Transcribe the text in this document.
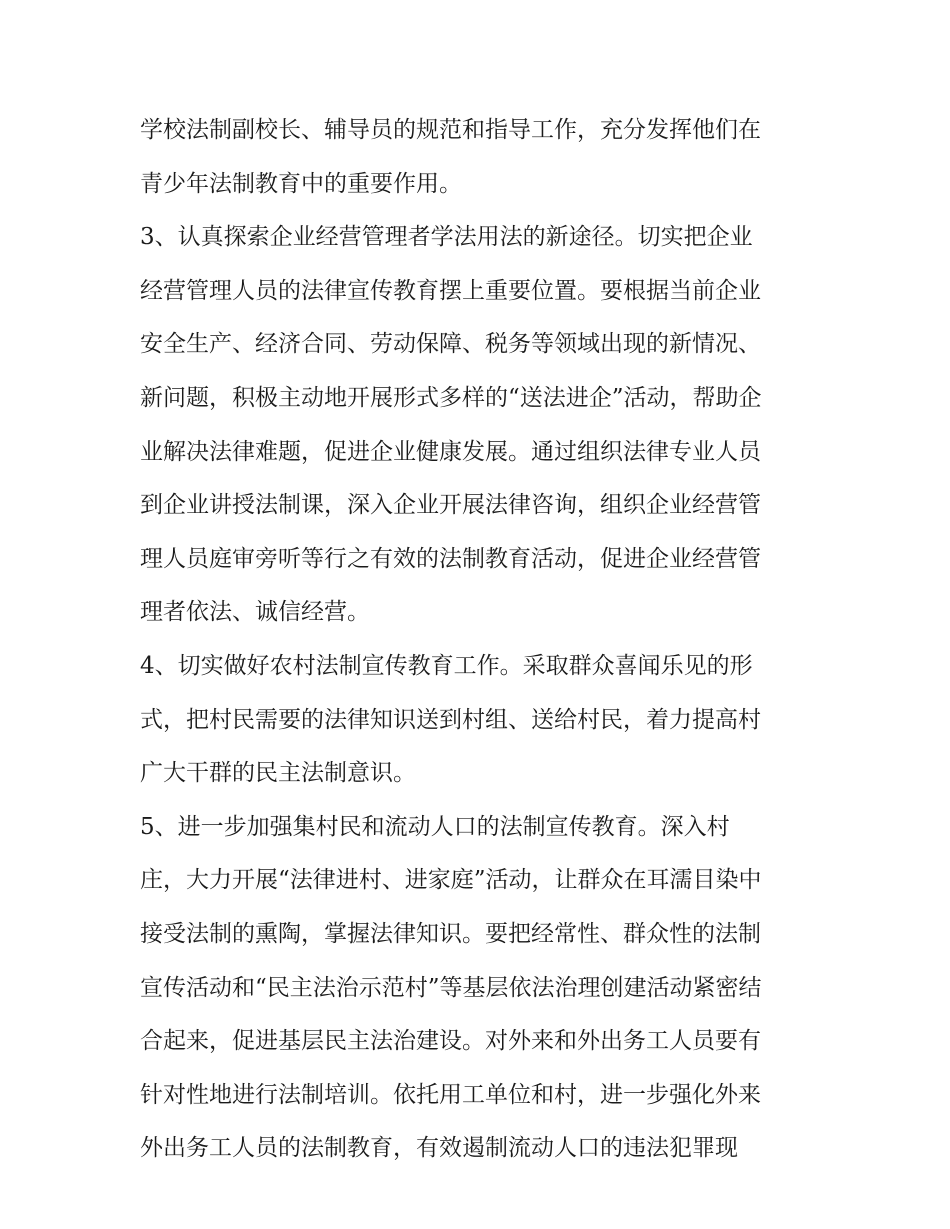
学校法制副校长、辅导员的规范和指导工作，充分发挥他们在
青少年法制教育中的重要作用。
3、认真探索企业经营管理者学法用法的新途径。切实把企业
经营管理人员的法律宣传教育摆上重要位置。要根据当前企业
安全生产、经济合同、劳动保障、税务等领域出现的新情况、
新问题，积极主动地开展形式多样的“送法进企”活动，帮助企
业解决法律难题，促进企业健康发展。通过组织法律专业人员
到企业讲授法制课，深入企业开展法律咨询，组织企业经营管
理人员庭审旁听等行之有效的法制教育活动，促进企业经营管
理者依法、诚信经营。
4、切实做好农村法制宣传教育工作。采取群众喜闻乐见的形
式，把村民需要的法律知识送到村组、送给村民，着力提高村
广大干群的民主法制意识。
5、进一步加强集村民和流动人口的法制宣传教育。深入村
庄，大力开展“法律进村、进家庭”活动，让群众在耳濡目染中
接受法制的熏陶，掌握法律知识。要把经常性、群众性的法制
宣传活动和“民主法治示范村”等基层依法治理创建活动紧密结
合起来，促进基层民主法治建设。对外来和外出务工人员要有
针对性地进行法制培训。依托用工单位和村，进一步强化外来
外出务工人员的法制教育，有效遏制流动人口的违法犯罪现
